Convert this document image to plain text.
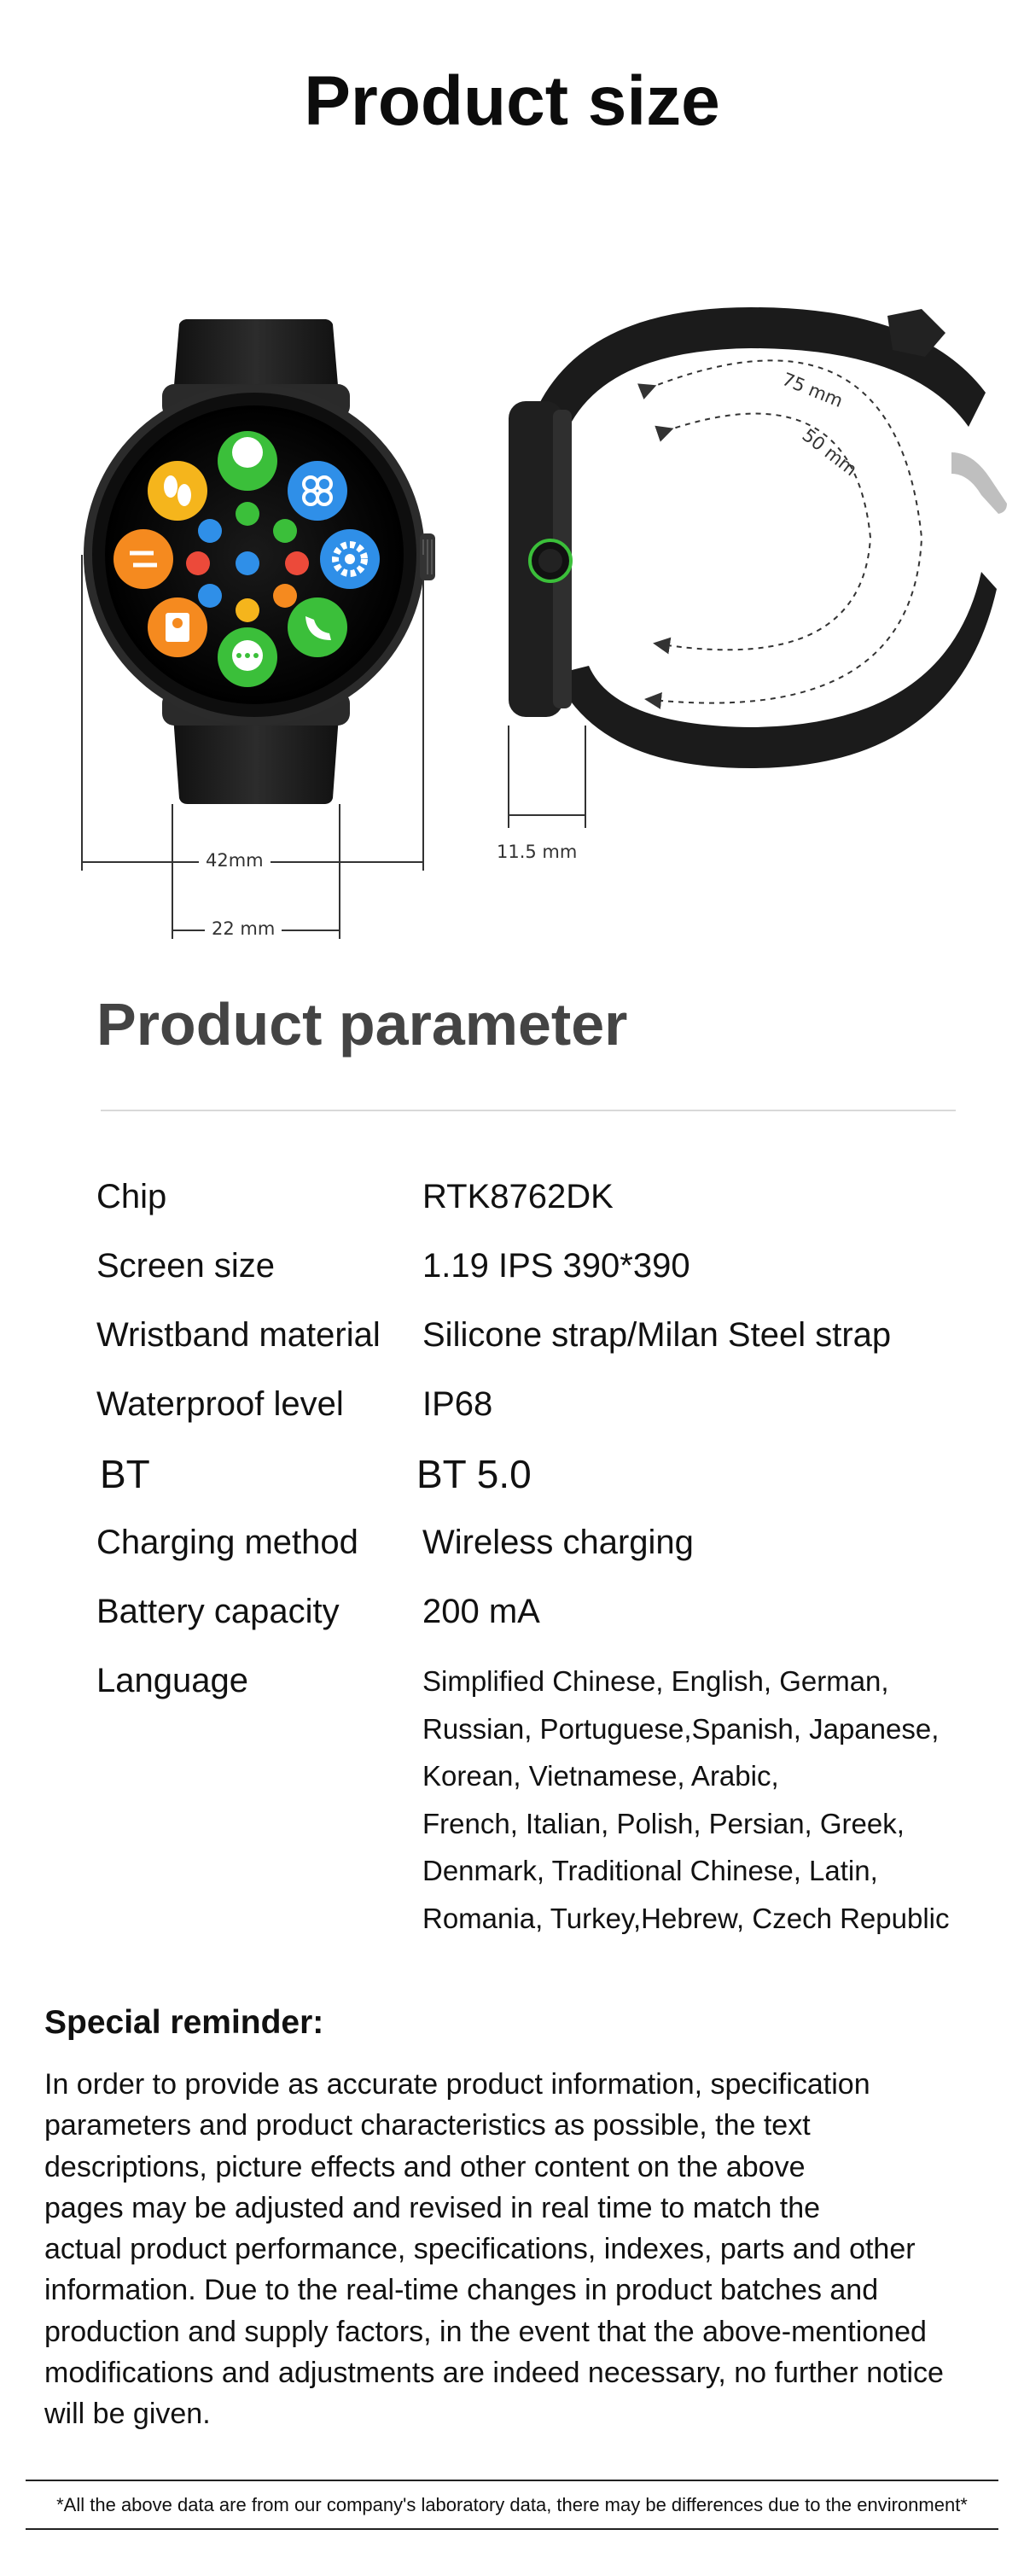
Product size
42mm
22 mm
11.5 mm
75 mm
50 mm
Product parameter
Chip	RTK8762DK
Screen size	1.19 IPS 390*390
Wristband material Silicone strap/Milan Steel strap
Waterproof level IP68
BT	BT 5.0
Charging method Wireless charging
Battery capacity 200 mA
Language	Simplified Chinese, English, German,
Russian, Portuguese,Spanish, Japanese,
Korean, Vietnamese, Arabic,
French, Italian, Polish, Persian, Greek,
Denmark, Traditional Chinese, Latin,
Romania, Turkey,Hebrew, Czech Republic
Special reminder:
In order to provide as accurate product information, specification
parameters and product characteristics as possible, the text
descriptions, picture effects and other content on the above
pages may be adjusted and revised in real time to match the
actual product performance, specifications, indexes, parts and other
information. Due to the real-time changes in product batches and
production and supply factors, in the event that the above-mentioned
modifications and adjustments are indeed necessary, no further notice
will be given.
*All the above data are from our company's laboratory data, there may be differences due to the environment*
